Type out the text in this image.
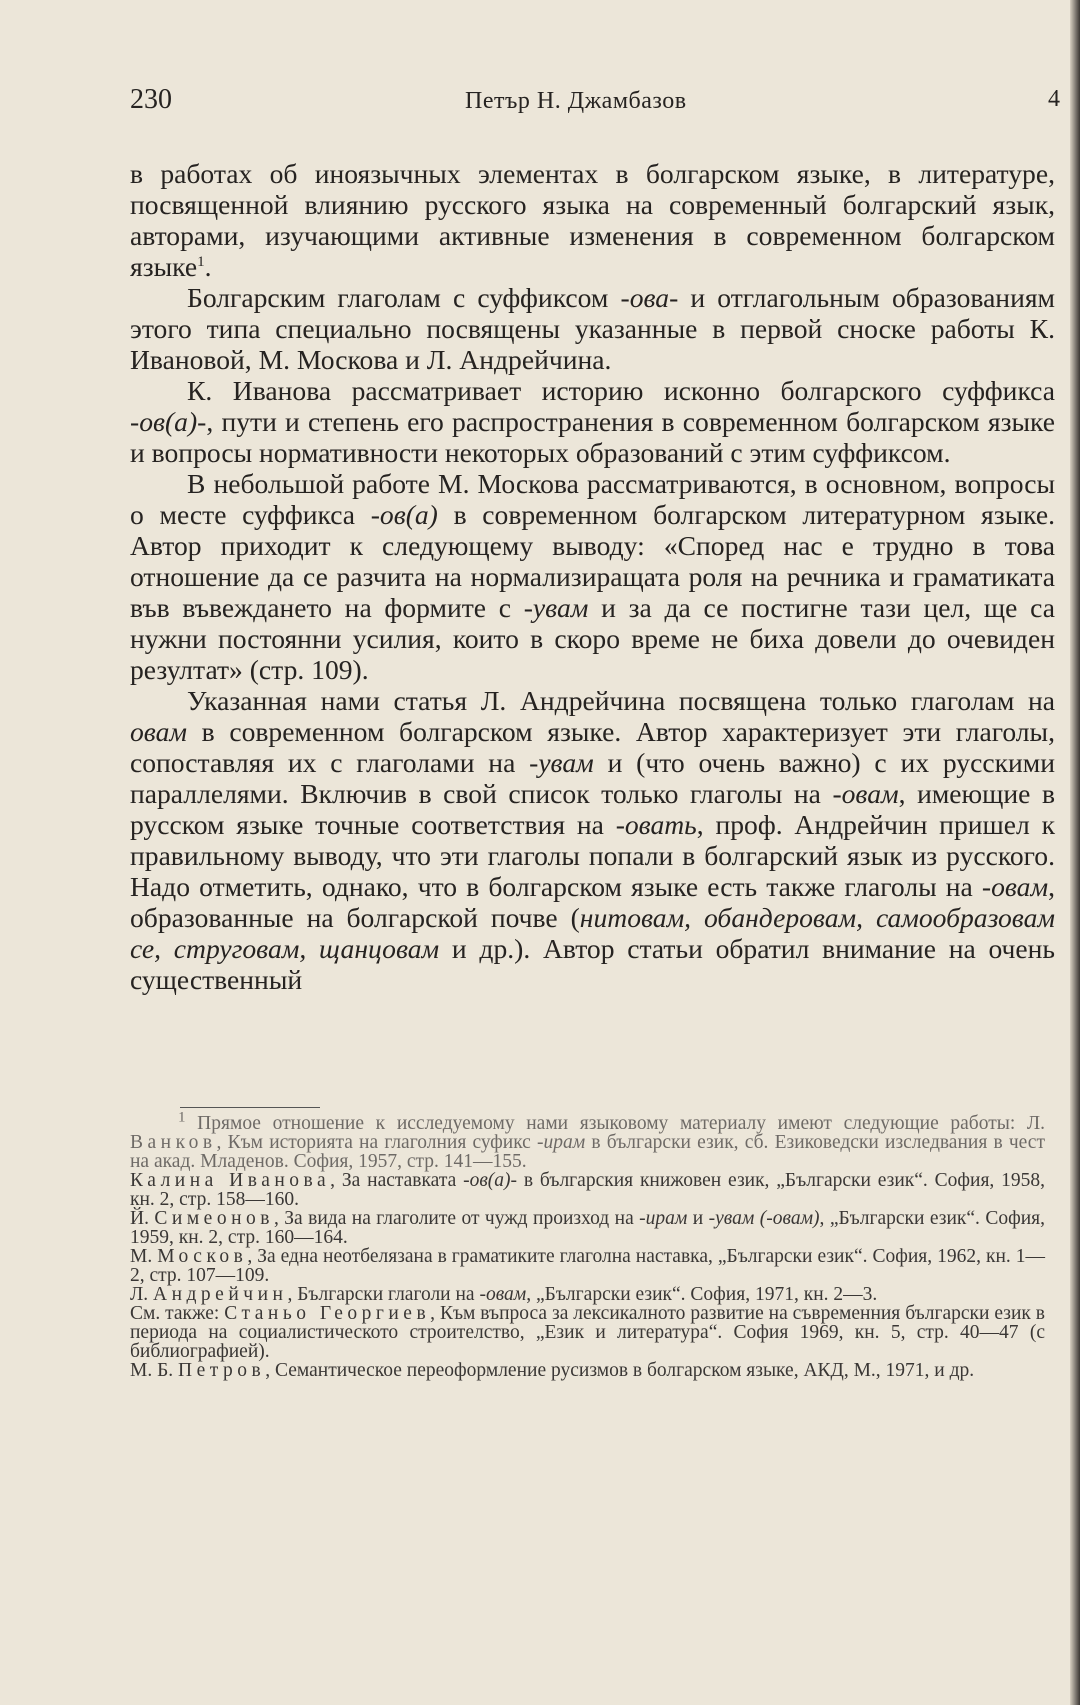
230	Петър Н. Джамбазов	4

в работах об иноязычных элементах в болгарском языке, в литературе, посвященной влиянию русского языка на современный болгарский язык, авторами, изучающими активные изменения в современном болгарском языке$^1$.

Болгарским глаголам с суффиксом -ова- и отглагольным образованиям этого типа специально посвящены указанные в первой сноске работы К. Ивановой, М. Москова и Л. Андрейчина.

К. Иванова рассматривает историю исконно болгарского суффикса -ов(а)-, пути и степень его распространения в современном болгарском языке и вопросы нормативности некоторых образований с этим суффиксом.

В небольшой работе М. Москова рассматриваются, в основном, вопросы о месте суффикса -ов(а) в современном болгарском литературном языке. Автор приходит к следующему выводу: «Според нас е трудно в това отношение да се разчита на нормализиращата роля на речника и граматиката във въвеждането на формите с -увам и за да се постигне тази цел, ще са нужни постоянни усилия, които в скоро време не биха довели до очевиден резултат» (стр. 109).

Указанная нами статья Л. Андрейчина посвящена только глаголам на овам в современном болгарском языке. Автор характеризует эти глаголы, сопоставляя их с глаголами на -увам и (что очень важно) с их русскими параллелями. Включив в свой список только глаголы на -овам, имеющие в русском языке точные соответствия на -овать, проф. Андрейчин пришел к правильному выводу, что эти глаголы попали в болгарский язык из русского. Надо отметить, однако, что в болгарском языке есть также глаголы на -овам, образованные на болгарской почве (нитовам, обандеровам, самообразовам се, струговам, щанцовам и др.). Автор статьи обратил внимание на очень существенный

$^1$ Прямое отношение к исследуемому нами языковому материалу имеют следующие работы: Л. Ванков, Към историята на глаголния суфикс -ирам в български език, сб. Езиковедски изследвания в чест на акад. Младенов. София, 1957, стр. 141—155.

Калина Иванова, За наставката -ов(а)- в българския книжовен език, „Български език“. София, 1958, кн. 2, стр. 158—160.

Й. Симеонов, За вида на глаголите от чужд произход на -ирам и -увам (-овам), „Български език“. София, 1959, кн. 2, стр. 160—164.

М. Москов, За една неотбелязана в граматиките глаголна наставка, „Български език“. София, 1962, кн. 1—2, стр. 107—109.

Л. Андрейчин, Български глаголи на -овам, „Български език“. София, 1971, кн. 2—3.

См. также: Станьо Георгиев, Към въпроса за лексикалното развитие на съвременния български език в периода на социалистическото строителство, „Език и литература“. София 1969, кн. 5, стр. 40—47 (с библиографией).

М. Б. Петров, Семантическое переоформление русизмов в болгарском языке, АКД, М., 1971, и др.
